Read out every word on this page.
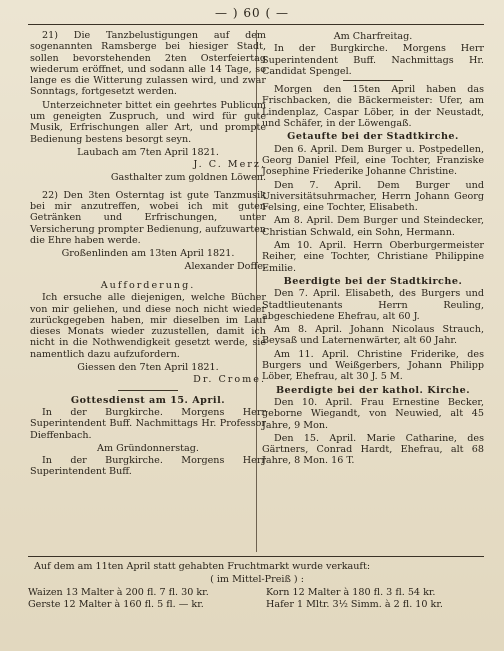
— ) 60 ( —

21) Die Tanzbelustigungen auf dem sogenannten Ramsberge bei hiesiger Stadt, sollen bevorstehenden 2ten Osterfeiertag wiederum eröffnet, und sodann alle 14 Tage, so lange es die Witterung zulassen wird, und zwar Sonntags, fortgesetzt werden.

Unterzeichneter bittet ein geehrtes Publicum um geneigten Zuspruch, und wird für gute Musik, Erfrischungen aller Art, und prompte Bedienung bestens besorgt seyn.

Laubach am 7ten April 1821.

J. C. Merz,

Gasthalter zum goldnen Löwen.

22) Den 3ten Osterntag ist gute Tanzmusik bei mir anzutreffen, wobei ich mit guten Getränken und Erfrischungen, unter Versicherung prompter Bedienung, aufzuwarten die Ehre haben werde.

Großenlinden am 13ten April 1821.

Alexander Doffe.

Aufforderung.

Ich ersuche alle diejenigen, welche Bücher von mir geliehen, und diese noch nicht wieder zurückgegeben haben, mir dieselben im Lauf dieses Monats wieder zuzustellen, damit ich nicht in die Nothwendigkeit gesetzt werde, sie namentlich dazu aufzufordern.

Giessen den 7ten April 1821.

Dr. Crome.

Gottesdienst am 15. April.

In der Burgkirche. Morgens Herr Superintendent Buff. Nachmittags Hr. Professor Dieffenbach.

Am Gründonnerstag.

In der Burgkirche. Morgens Herr Superintendent Buff.

Am Charfreitag.

In der Burgkirche. Morgens Herr Superintendent Buff. Nachmittags Hr. Candidat Spengel.

Morgen den 15ten April haben das Frischbacken, die Bäckermeister: Ufer, am Lindenplaz, Caspar Löber, in der Neustadt, und Schäfer, in der Löwengaß.

Getaufte bei der Stadtkirche.

Den 6. April. Dem Burger u. Postpedellen, Georg Daniel Pfeil, eine Tochter, Franziske Josephine Friederike Johanne Christine.

Den 7. April. Dem Burger und Universitätsuhrmacher, Herrn Johann Georg Felsing, eine Tochter, Elisabeth.

Am 8. April. Dem Burger und Steindecker, Christian Schwald, ein Sohn, Hermann.

Am 10. April. Herrn Oberburgermeister Reiher, eine Tochter, Christiane Philippine Emilie.

Beerdigte bei der Stadtkirche.

Den 7. April. Elisabeth, des Burgers und Stadtlieutenants Herrn Reuling, abgeschiedene Ehefrau, alt 60 J.

Am 8. April. Johann Nicolaus Strauch, Beysaß und Laternenwärter, alt 60 Jahr.

Am 11. April. Christine Friderike, des Burgers und Weißgerbers, Johann Philipp Löber, Ehefrau, alt 30 J. 5 M.

Beerdigte bei der kathol. Kirche.

Den 10. April. Frau Ernestine Becker, geborne Wiegandt, von Neuwied, alt 45 Jahre, 9 Mon.

Den 15. April. Marie Catharine, des Gärtners, Conrad Hardt, Ehefrau, alt 68 Jahre, 8 Mon. 16 T.

Auf dem am 11ten April statt gehabten Fruchtmarkt wurde verkauft:
( im Mittel-Preiß ) :
Waizen 13 Malter à 200 fl. 7 fl. 30 kr.	Korn 12 Malter à 180 fl. 3 fl. 54 kr.
Gerste 12 Malter à 160 fl. 5 fl. — kr.	Hafer 1 Mltr. 3½ Simm. à 2 fl. 10 kr.
